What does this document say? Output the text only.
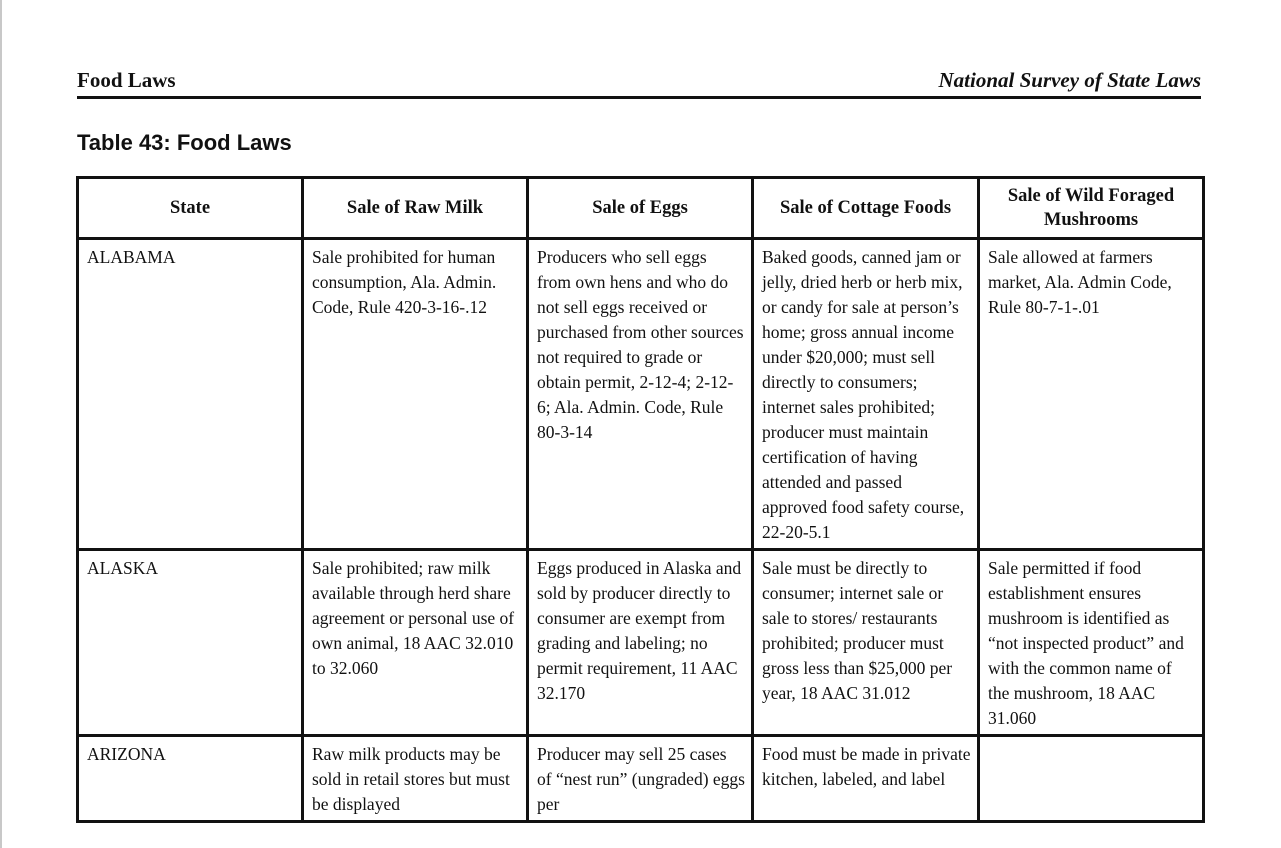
Food Laws	National Survey of State Laws
Table 43: Food Laws
State	Sale of Raw Milk	Sale of Eggs	Sale of Cottage Foods	Sale of Wild Foraged Mushrooms
ALABAMA	Sale prohibited for human consumption, Ala. Admin. Code, Rule 420-3-16-.12	Producers who sell eggs from own hens and who do not sell eggs received or purchased from other sources not required to grade or obtain permit, 2-12-4; 2-12-6; Ala. Admin. Code, Rule 80-3-14	Baked goods, canned jam or jelly, dried herb or herb mix, or candy for sale at person’s home; gross annual income under $20,000; must sell directly to consumers; internet sales prohibited; producer must maintain certification of having attended and passed approved food safety course, 22-20-5.1	Sale allowed at farmers market, Ala. Admin Code, Rule 80-7-1-.01
ALASKA	Sale prohibited; raw milk available through herd share agreement or personal use of own animal, 18 AAC 32.010 to 32.060	Eggs produced in Alaska and sold by producer directly to consumer are exempt from grading and labeling; no permit requirement, 11 AAC 32.170	Sale must be directly to consumer; internet sale or sale to stores/ restaurants prohibited; producer must gross less than $25,000 per year, 18 AAC 31.012	Sale permitted if food establishment ensures mushroom is identified as “not inspected product” and with the common name of the mushroom, 18 AAC 31.060
ARIZONA	Raw milk products may be sold in retail stores but must be displayed	Producer may sell 25 cases of “nest run” (ungraded) eggs per	Food must be made in private kitchen, labeled, and label	
